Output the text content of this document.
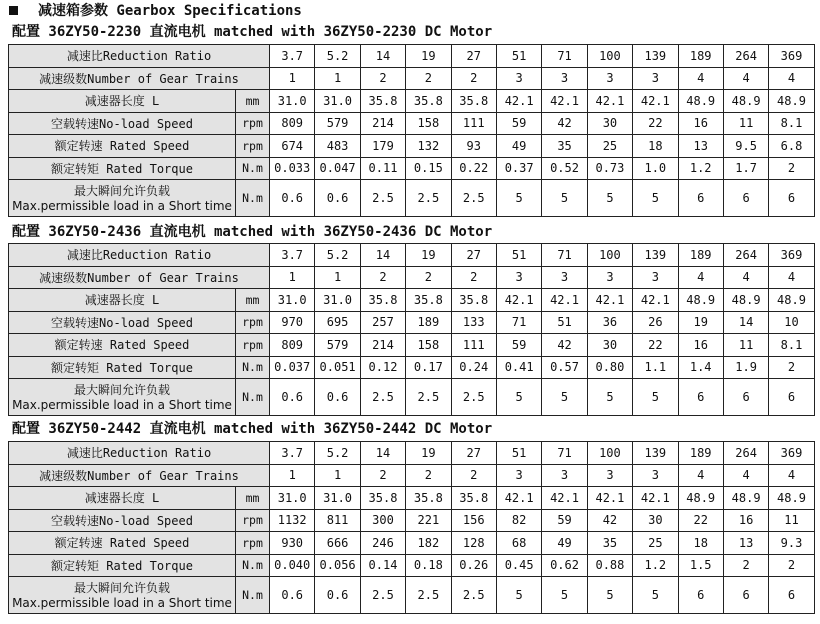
减速箱参数 Gearbox Specifications
配置 36ZY50-2230 直流电机 matched with 36ZY50-2230 DC Motor
减速比Reduction Ratio		3.7	5.2	14	19	27	51	71	100	139	189	264	369
减速级数Number of Gear Trains		1	1	2	2	2	3	3	3	3	4	4	4
减速器长度 L	mm	31.0	31.0	35.8	35.8	35.8	42.1	42.1	42.1	42.1	48.9	48.9	48.9
空载转速No-load Speed	rpm	809	579	214	158	111	59	42	30	22	16	11	8.1
额定转速 Rated Speed	rpm	674	483	179	132	93	49	35	25	18	13	9.5	6.8
额定转矩 Rated Torque	N.m	0.033	0.047	0.11	0.15	0.22	0.37	0.52	0.73	1.0	1.2	1.7	2

最大瞬间允许负载
Max.permissible load in a Short time	N.m	0.6	0.6	2.5	2.5	2.5	5	5	5	5	6	6	6
配置 36ZY50-2436 直流电机 matched with 36ZY50-2436 DC Motor
减速比Reduction Ratio		3.7	5.2	14	19	27	51	71	100	139	189	264	369
减速级数Number of Gear Trains		1	1	2	2	2	3	3	3	3	4	4	4
减速器长度 L	mm	31.0	31.0	35.8	35.8	35.8	42.1	42.1	42.1	42.1	48.9	48.9	48.9
空载转速No-load Speed	rpm	970	695	257	189	133	71	51	36	26	19	14	10
额定转速 Rated Speed	rpm	809	579	214	158	111	59	42	30	22	16	11	8.1
额定转矩 Rated Torque	N.m	0.037	0.051	0.12	0.17	0.24	0.41	0.57	0.80	1.1	1.4	1.9	2

最大瞬间允许负载
Max.permissible load in a Short time	N.m	0.6	0.6	2.5	2.5	2.5	5	5	5	5	6	6	6
配置 36ZY50-2442 直流电机 matched with 36ZY50-2442 DC Motor
减速比Reduction Ratio		3.7	5.2	14	19	27	51	71	100	139	189	264	369
减速级数Number of Gear Trains		1	1	2	2	2	3	3	3	3	4	4	4
减速器长度 L	mm	31.0	31.0	35.8	35.8	35.8	42.1	42.1	42.1	42.1	48.9	48.9	48.9
空载转速No-load Speed	rpm	1132	811	300	221	156	82	59	42	30	22	16	11
额定转速 Rated Speed	rpm	930	666	246	182	128	68	49	35	25	18	13	9.3
额定转矩 Rated Torque	N.m	0.040	0.056	0.14	0.18	0.26	0.45	0.62	0.88	1.2	1.5	2	2

最大瞬间允许负载
Max.permissible load in a Short time	N.m	0.6	0.6	2.5	2.5	2.5	5	5	5	5	6	6	6
